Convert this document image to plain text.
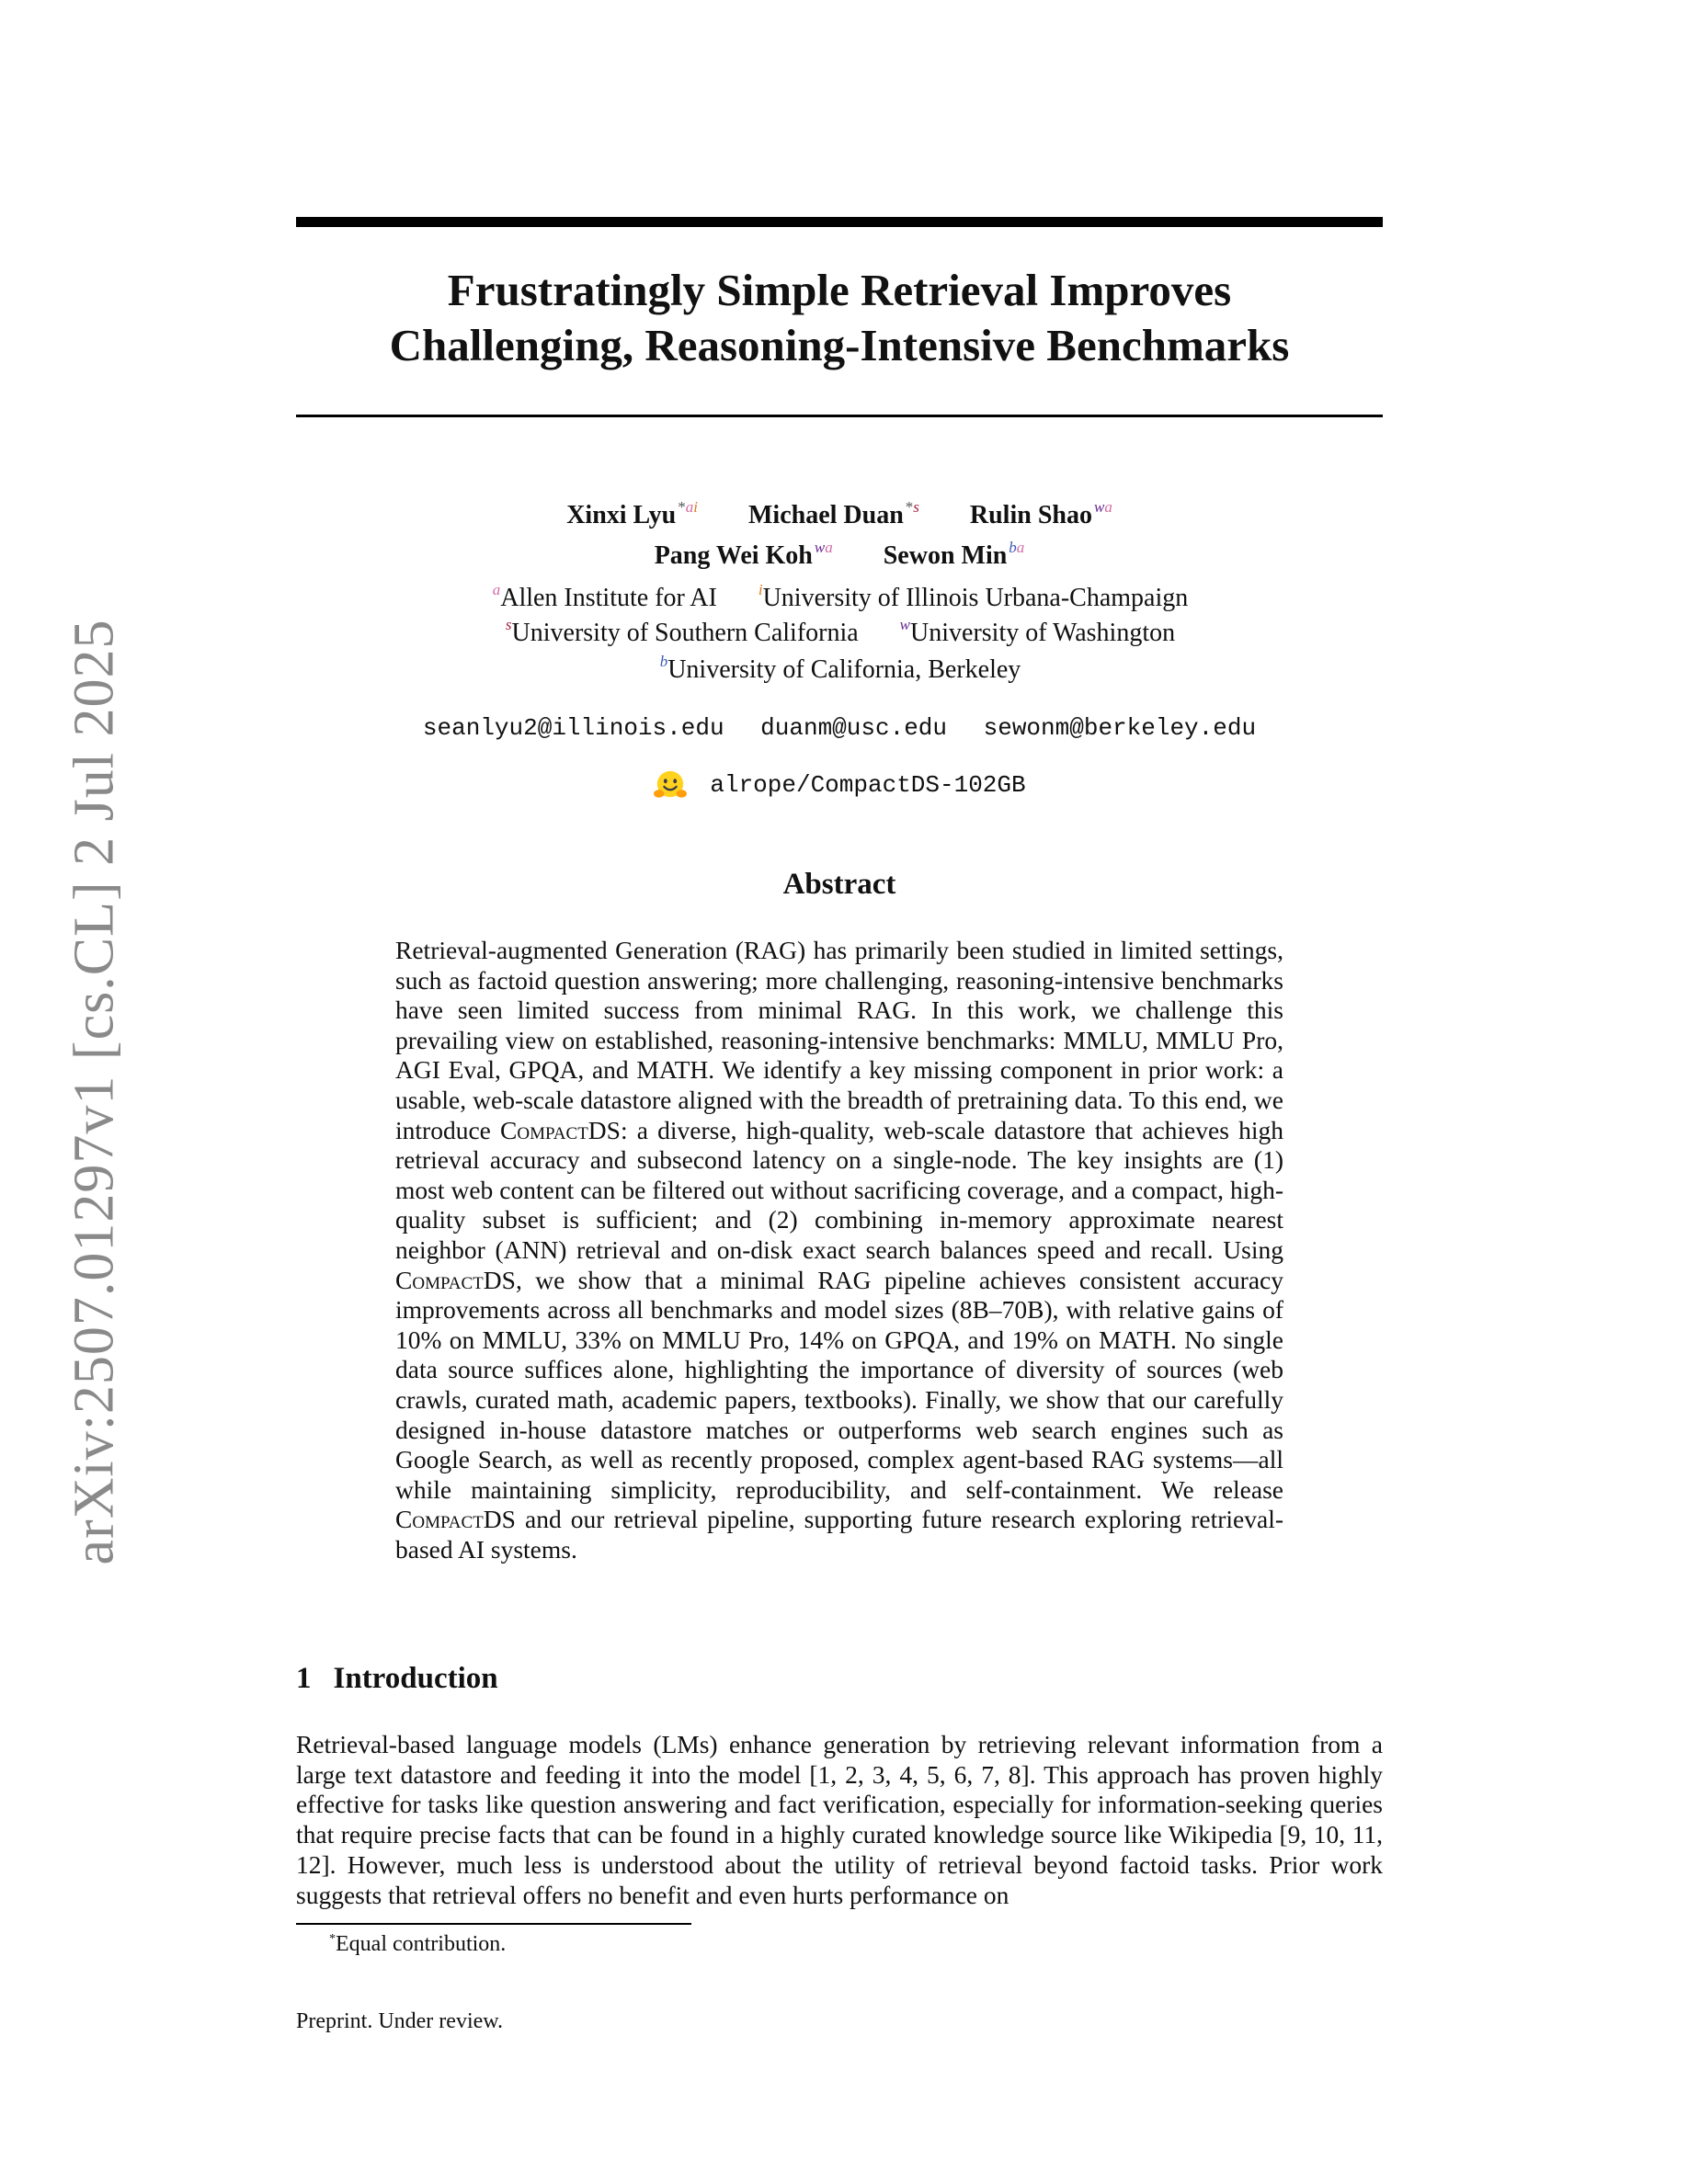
arXiv:2507.01297v1 [cs.CL] 2 Jul 2025
Frustratingly Simple Retrieval Improves
Challenging, Reasoning-Intensive Benchmarks
Xinxi Lyu $^{*ai}$ Michael Duan $^{*s}$ Rulin Shao $^{wa}$
Pang Wei Koh $^{wa}$ Sewon Min $^{ba}$
$^a$Allen Institute for AI	$^i$University of Illinois Urbana-Champaign
$^s$University of Southern California	$^w$University of Washington
$^b$University of California, Berkeley
seanlyu2@illinois.edu duanm@usc.edu sewonm@berkeley.edu
alrope/CompactDS-102GB
Abstract

Retrieval-augmented Generation (RAG) has primarily been studied in limited settings, such as factoid question answering; more challenging, reasoning-intensive benchmarks have seen limited success from minimal RAG. In this work, we challenge this prevailing view on established, reasoning-intensive benchmarks: MMLU, MMLU Pro, AGI Eval, GPQA, and MATH. We identify a key missing component in prior work: a usable, web-scale datastore aligned with the breadth of pretraining data. To this end, we introduce CompactDS: a diverse, high-quality, web-scale datastore that achieves high retrieval accuracy and subsecond latency on a single-node. The key insights are (1) most web content can be filtered out without sacrificing coverage, and a compact, high-quality subset is sufficient; and (2) combining in-memory approximate nearest neighbor (ANN) retrieval and on-disk exact search balances speed and recall. Using CompactDS, we show that a minimal RAG pipeline achieves consistent accuracy improvements across all benchmarks and model sizes (8B–70B), with relative gains of 10% on MMLU, 33% on MMLU Pro, 14% on GPQA, and 19% on MATH. No single data source suffices alone, highlighting the importance of diversity of sources (web crawls, curated math, academic papers, textbooks). Finally, we show that our carefully designed in-house datastore matches or outperforms web search engines such as Google Search, as well as recently proposed, complex agent-based RAG systems—all while maintaining simplicity, reproducibility, and self-containment. We release CompactDS and our retrieval pipeline, supporting future research exploring retrieval-based AI systems.

1 Introduction

Retrieval-based language models (LMs) enhance generation by retrieving relevant information from a large text datastore and feeding it into the model [1, 2, 3, 4, 5, 6, 7, 8]. This approach has proven highly effective for tasks like question answering and fact verification, especially for information-seeking queries that require precise facts that can be found in a highly curated knowledge source like Wikipedia [9, 10, 11, 12]. However, much less is understood about the utility of retrieval beyond factoid tasks. Prior work suggests that retrieval offers no benefit and even hurts performance on

*Equal contribution.
Preprint. Under review.
